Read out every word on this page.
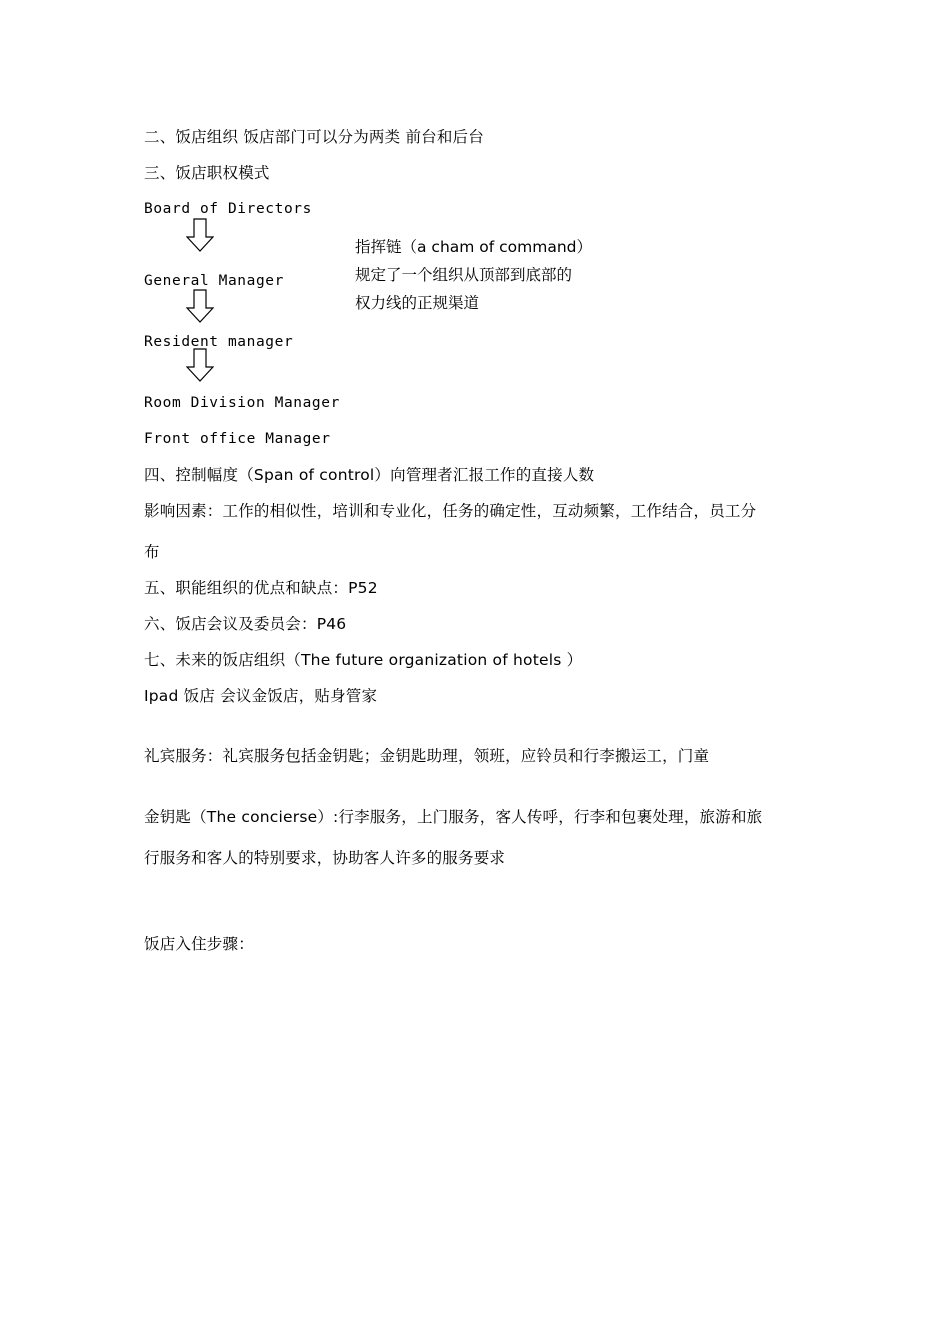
二、饭店组织 饭店部门可以分为两类 前台和后台
三、饭店职权模式
Board of Directors
指挥链（a cham of command）
规定了一个组织从顶部到底部的
权力线的正规渠道
General Manager
Resident manager
Room Division Manager
Front office Manager
四、控制幅度（Span of control）向管理者汇报工作的直接人数
影响因素：工作的相似性，培训和专业化，任务的确定性，互动频繁，工作结合，员工分
布
五、职能组织的优点和缺点：P52
六、饭店会议及委员会：P46
七、未来的饭店组织（The future organization of hotels ）
Ipad 饭店 会议金饭店，贴身管家
礼宾服务：礼宾服务包括金钥匙；金钥匙助理，领班，应铃员和行李搬运工，门童
金钥匙（The concierse）:行李服务，上门服务，客人传呼，行李和包裹处理，旅游和旅
行服务和客人的特别要求，协助客人许多的服务要求
饭店入住步骤：
